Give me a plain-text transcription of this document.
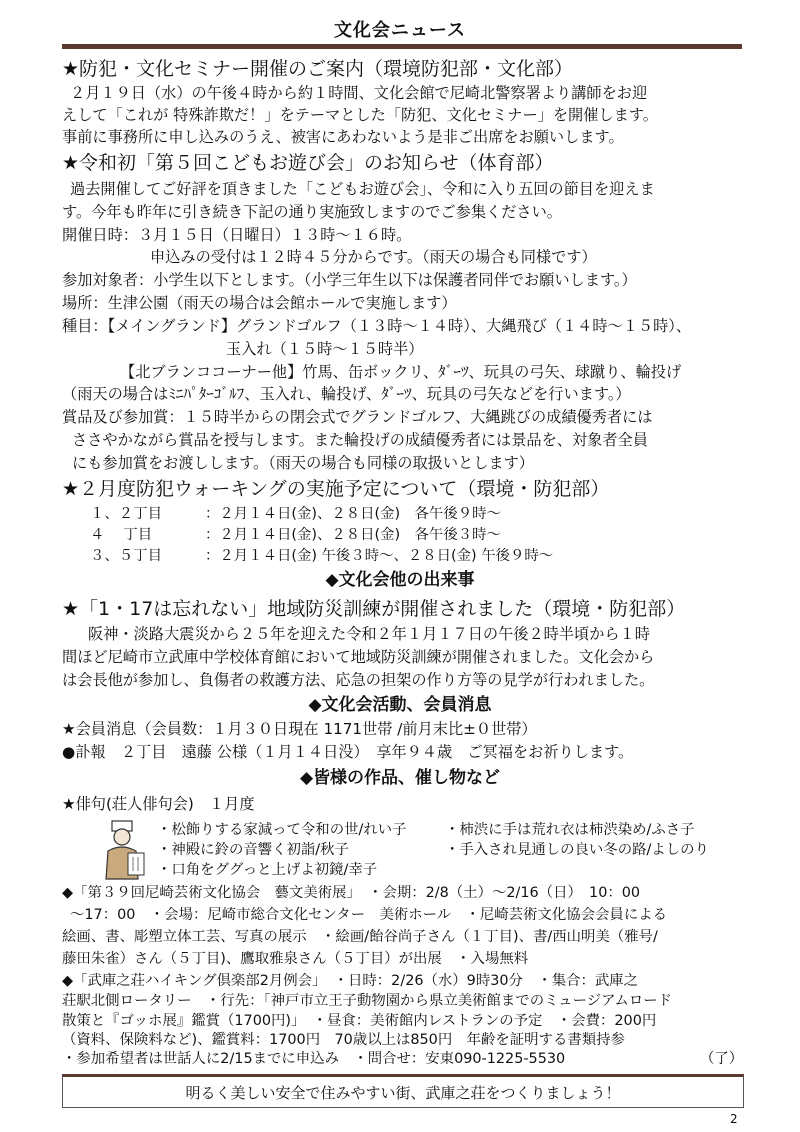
文化会ニュース
★防犯・文化セミナー開催のご案内（環境防犯部・文化部）
２月１９日（水）の午後４時から約１時間、文化会館で尼崎北警察署より講師をお迎
えして「これが 特殊詐欺だ！」をテーマとした「防犯、文化セミナー」を開催します。
事前に事務所に申し込みのうえ、被害にあわないよう是非ご出席をお願いします。
★令和初「第５回こどもお遊び会」のお知らせ（体育部）
過去開催してご好評を頂きました「こどもお遊び会」、令和に入り五回の節目を迎えま
す。今年も昨年に引き続き下記の通り実施致しますのでご参集ください。
開催日時：３月１５日（日曜日）１３時～１６時。
申込みの受付は１２時４５分からです。（雨天の場合も同様です）
参加対象者：小学生以下とします。（小学三年生以下は保護者同伴でお願いします。）
場所：生津公園（雨天の場合は会館ホールで実施します）
種目：【メイングランド】グランドゴルフ（１３時～１４時）、大縄飛び（１４時～１５時）、
玉入れ（１５時～１５時半）
【北ブランココーナー他】竹馬、缶ボックリ、ﾀﾞｰﾂ、玩具の弓矢、球蹴り、輪投げ
（雨天の場合はﾐﾆﾊﾟﾀｰｺﾞﾙﾌ、玉入れ、輪投げ、ﾀﾞｰﾂ、玩具の弓矢などを行います。）
賞品及び参加賞：１５時半からの閉会式でグランドゴルフ、大縄跳びの成績優秀者には
ささやかながら賞品を授与します。また輪投げの成績優秀者には景品を、対象者全員
にも参加賞をお渡しします。（雨天の場合も同様の取扱いとします）
★２月度防犯ウォーキングの実施予定について（環境・防犯部）
１、２丁目	：２月１４日(金)、２８日(金)　各午後９時～
４　 丁目	：２月１４日(金)、２８日(金)　各午後３時～
３、５丁目	：２月１４日(金) 午後３時～、２８日(金) 午後９時～
◆文化会他の出来事
★「1・17は忘れない」地域防災訓練が開催されました（環境・防犯部）
阪神・淡路大震災から２５年を迎えた令和２年１月１７日の午後２時半頃から１時
間ほど尼崎市立武庫中学校体育館において地域防災訓練が開催されました。文化会から
は会長他が参加し、負傷者の救護方法、応急の担架の作り方等の見学が行われました。
◆文化会活動、会員消息
★会員消息（会員数：１月３０日現在 1171世帯 /前月末比±０世帯）
●訃報　２丁目　遠藤 公様（１月１４日没）　享年９４歳　ご冥福をお祈りします。
◆皆様の作品、催し物など
★俳句(荘人俳句会)　１月度
・松飾りする家減って令和の世/れい子	・柿渋に手は荒れ衣は柿渋染め/ふさ子
・神殿に鈴の音響く初詣/秋子	・手入され見通しの良い冬の路/よしのり
・口角をググっと上げよ初鏡/幸子
◆「第３９回尼崎芸術文化協会　藝文美術展」　・会期：2/8（土）～2/16（日）　10：00
～17：00　・会場：尼崎市総合文化センター　美術ホール　・尼崎芸術文化協会会員による
絵画、書、彫塑立体工芸、写真の展示　・絵画/飴谷尚子さん（１丁目)、書/西山明美（雅号/
藤田朱雀）さん（５丁目)、鷹取雅泉さん（５丁目）が出展　・入場無料
◆「武庫之荘ハイキング倶楽部2月例会」　・日時：2/26（水）9時30分　・集合：武庫之
荘駅北側ロータリー　・行先：「神戸市立王子動物園から県立美術館までのミュージアムロード
散策と『ゴッホ展』鑑賞（1700円)」　・昼食：美術館内レストランの予定　・会費：200円
（資料、保険料など)、鑑賞料：1700円　70歳以上は850円　年齢を証明する書類持参
・参加希望者は世話人に2/15までに申込み　・問合せ：安東090-1225-5530	（了）
明るく美しい安全で住みやすい街、武庫之荘をつくりましょう！
2
